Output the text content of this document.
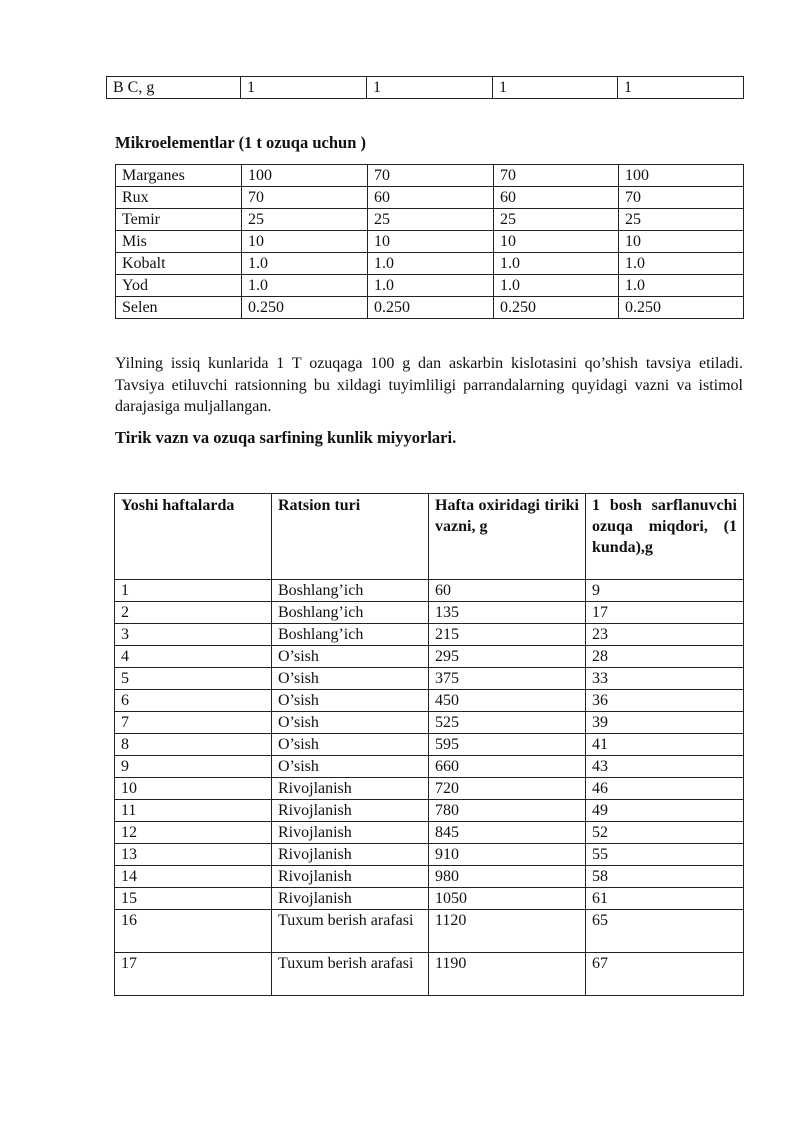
B C, g	1	1	1	1
Mikroelementlar (1 t ozuqa uchun )
Marganes	100	70	70	100
Rux	70	60	60	70
Temir	25	25	25	25
Mis	10	10	10	10
Kobalt	1.0	1.0	1.0	1.0
Yod	1.0	1.0	1.0	1.0
Selen	0.250	0.250	0.250	0.250
Yilning issiq kunlarida 1 T ozuqaga 100 g dan askarbin kislotasini qo’shish tavsiya etiladi. Tavsiya etiluvchi ratsionning bu xildagi tuyimliligi parrandalarning quyidagi vazni va istimol darajasiga muljallangan.
Tirik vazn va ozuqa sarfining kunlik miyyorlari.
Yoshi haftalarda	Ratsion turi	Hafta oxiridagi tiriki vazni, g	1 bosh sarflanuvchi ozuqa miqdori, (1 kunda),g
1	Boshlang’ich	60	9
2	Boshlang’ich	135	17
3	Boshlang’ich	215	23
4	O’sish	295	28
5	O’sish	375	33
6	O’sish	450	36
7	O’sish	525	39
8	O’sish	595	41
9	O’sish	660	43
10	Rivojlanish	720	46
11	Rivojlanish	780	49
12	Rivojlanish	845	52
13	Rivojlanish	910	55
14	Rivojlanish	980	58
15	Rivojlanish	1050	61
16	Tuxum berish arafasi	1120	65
17	Tuxum berish arafasi	1190	67
